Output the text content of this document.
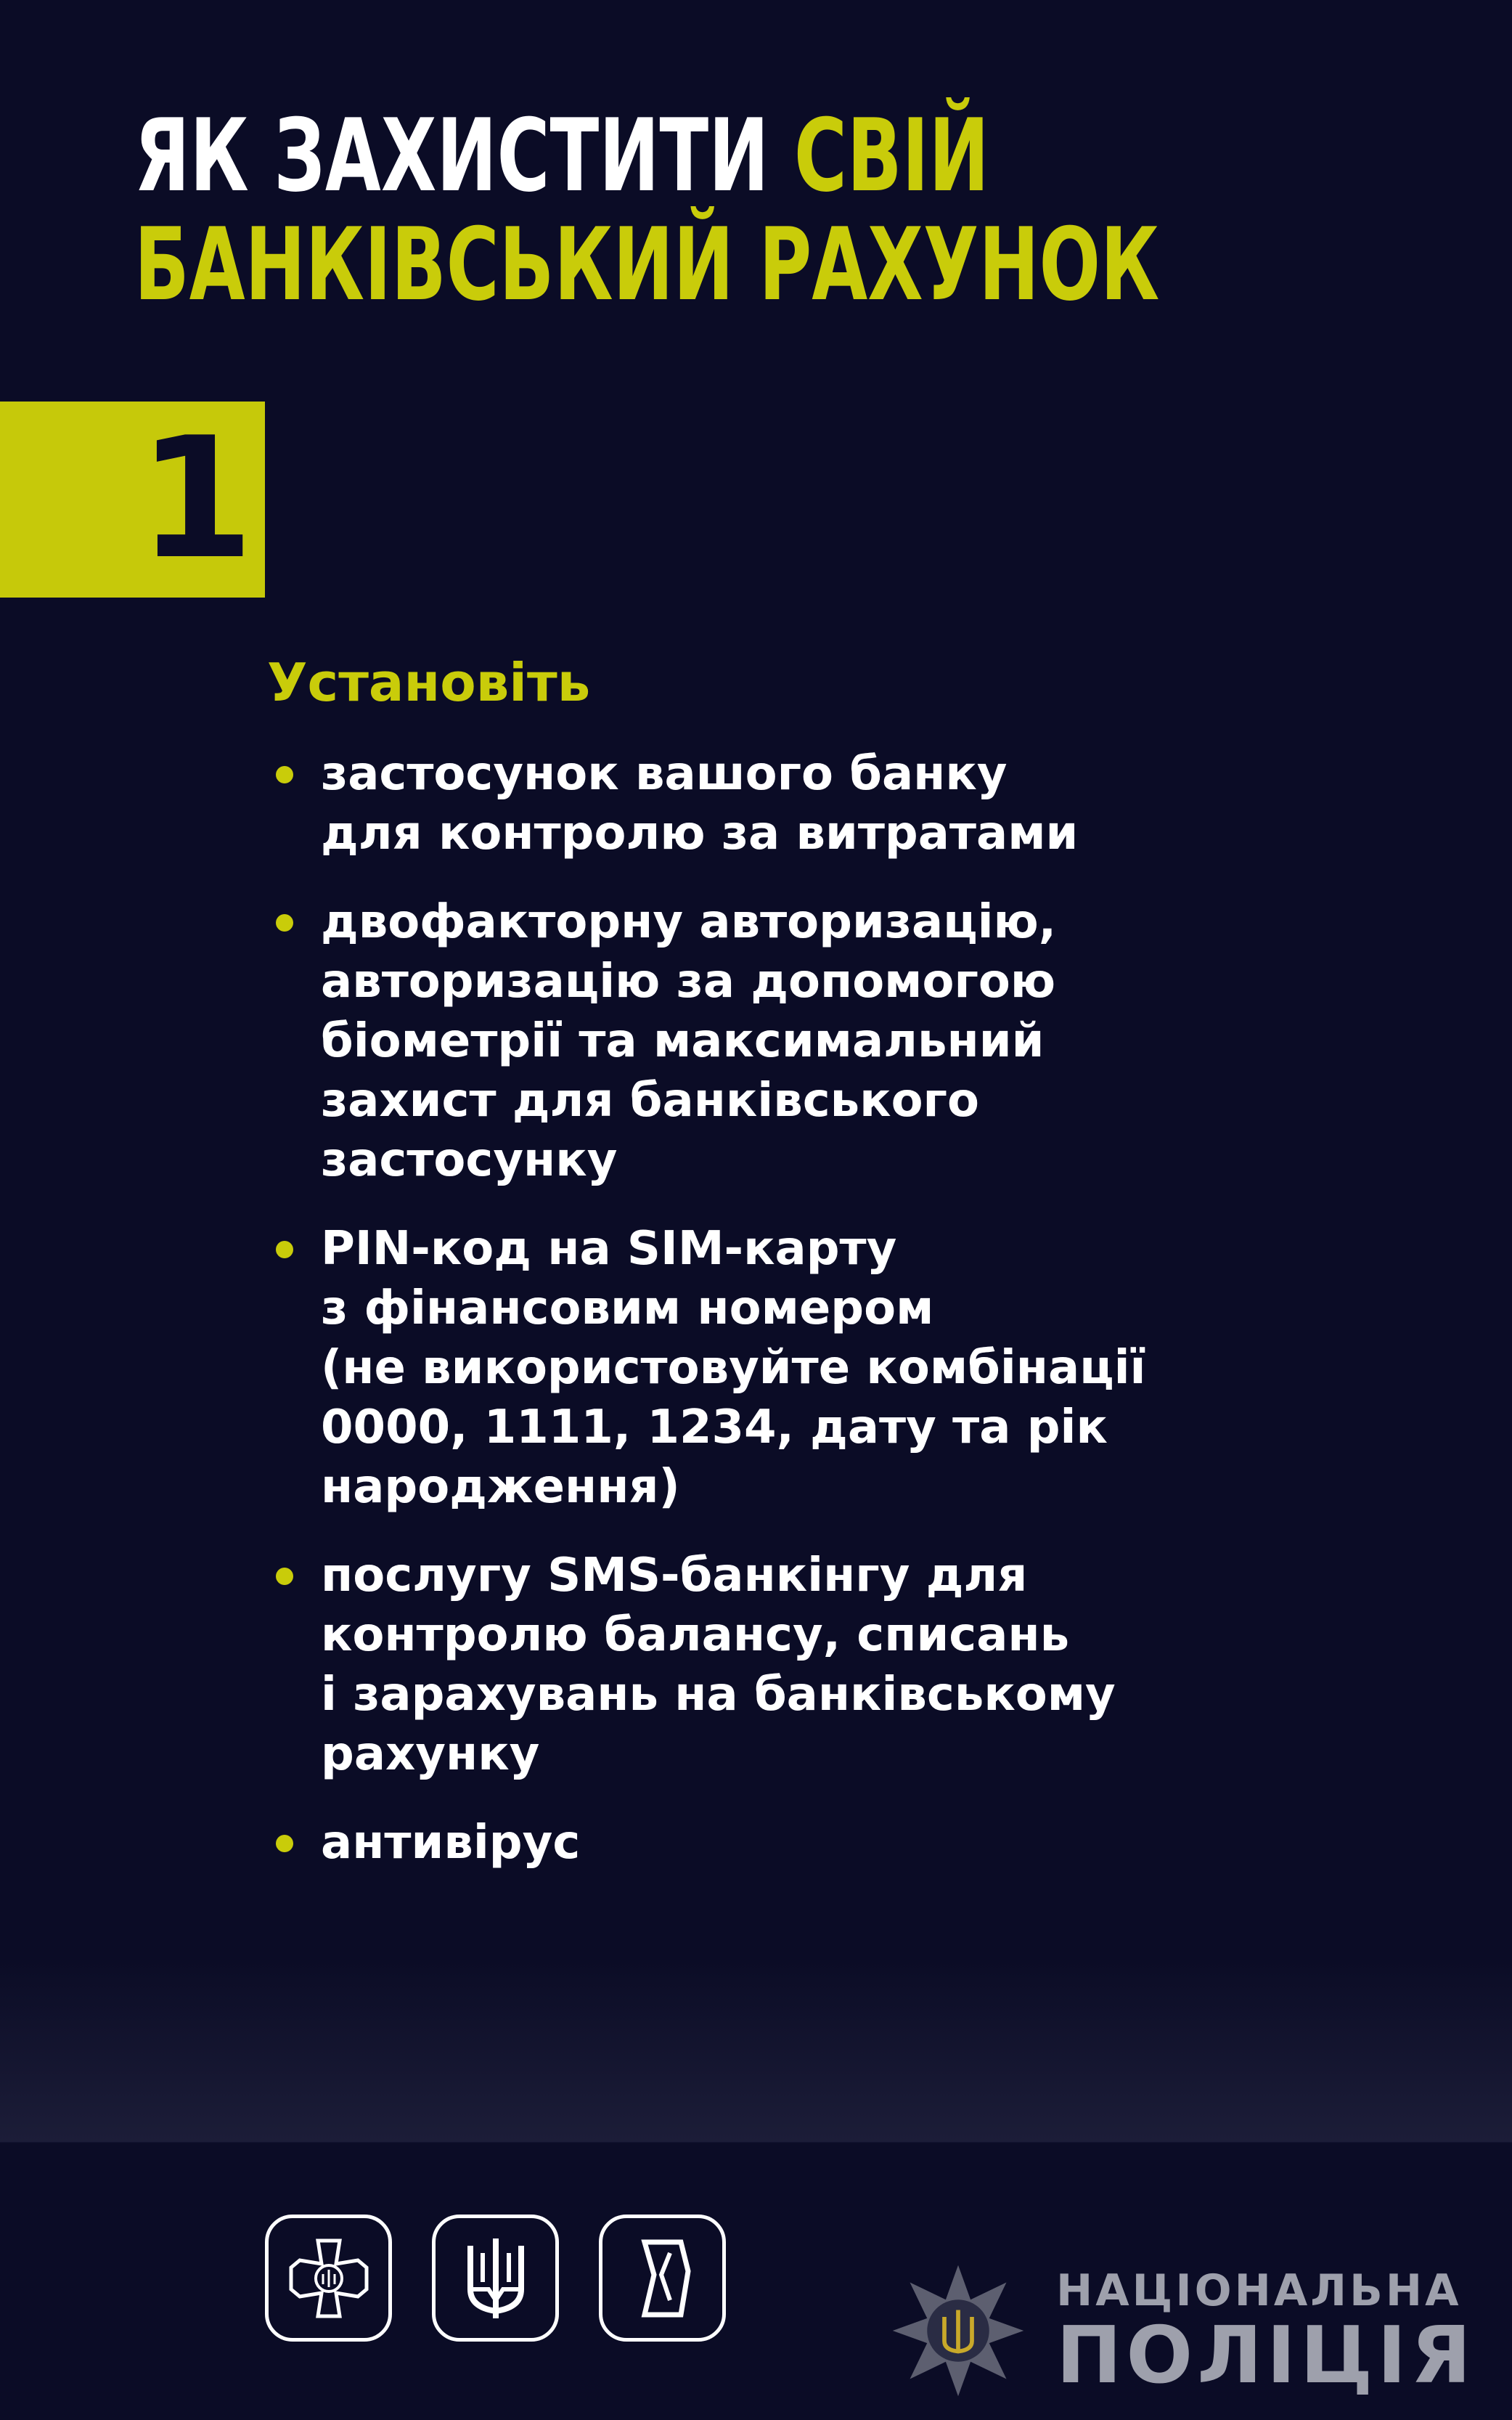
ЯК ЗАХИСТИТИ СВІЙ
БАНКІВСЬКИЙ РАХУНОК
1
Установіть
застосунок вашого банку
для контролю за витратами
двофакторну авторизацію,
авторизацію за допомогою
біометрії та максимальний
захист для банківського
застосунку
PIN-код на SIM-карту
з фінансовим номером
(не використовуйте комбінації
0000, 1111, 1234, дату та рік
народження)
послугу SMS-банкінгу для
контролю балансу, списань
і зарахувань на банківському
рахунку
антивірус
НАЦІОНАЛЬНА
ПОЛІЦІЯ
